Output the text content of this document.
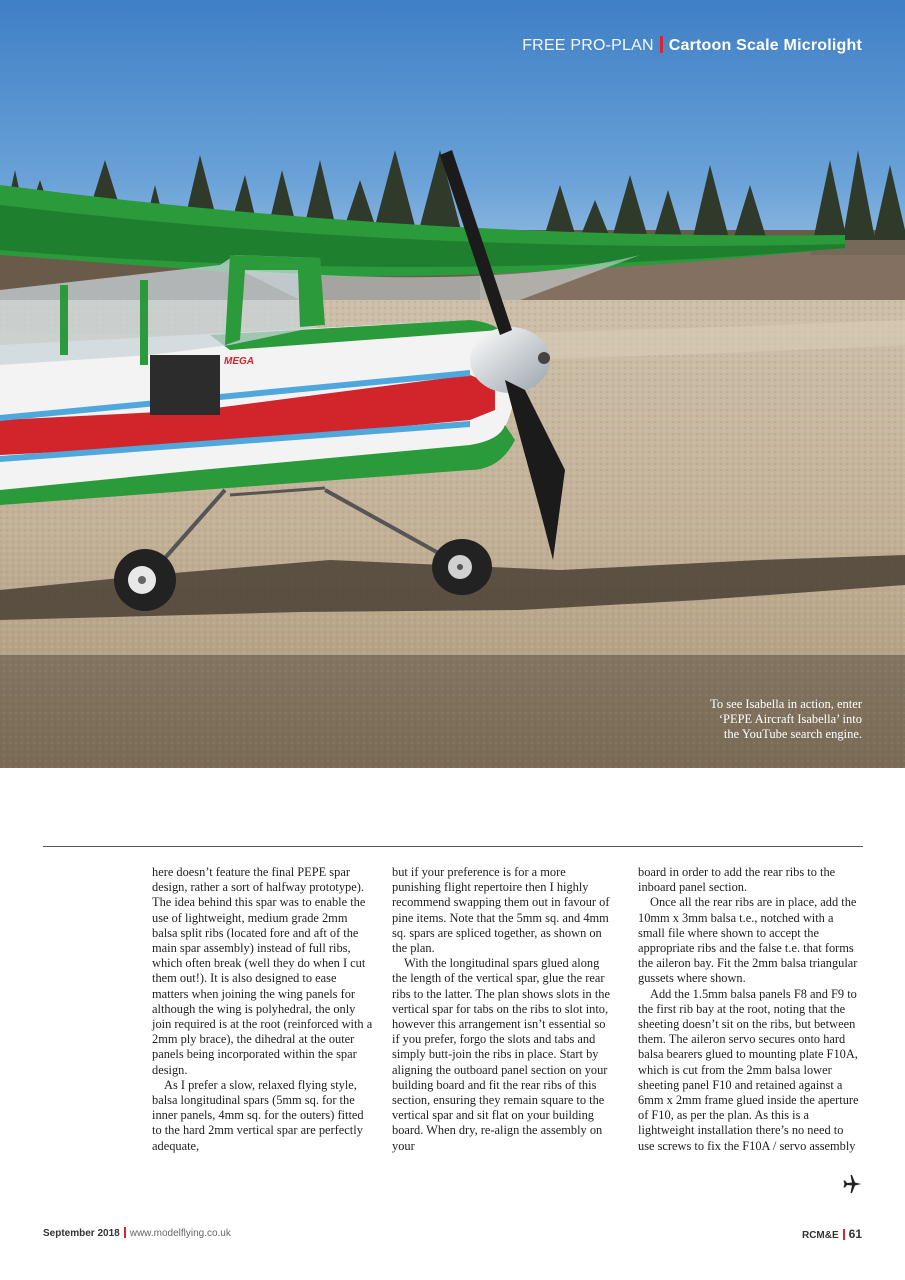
MEGA
FREE PRO-PLAN Cartoon Scale Microlight
To see Isabella in action, enter ‘PEPE Aircraft Isabella’ into the YouTube search engine.

here doesn’t feature the final PEPE spar design, rather a sort of halfway prototype). The idea behind this spar was to enable the use of lightweight, medium grade 2mm balsa split ribs (located fore and aft of the main spar assembly) instead of full ribs, which often break (well they do when I cut them out!). It is also designed to ease matters when joining the wing panels for although the wing is polyhedral, the only join required is at the root (reinforced with a 2mm ply brace), the dihedral at the outer panels being incorporated within the spar design.

As I prefer a slow, relaxed flying style, balsa longitudinal spars (5mm sq. for the inner panels, 4mm sq. for the outers) fitted to the hard 2mm vertical spar are perfectly adequate,

but if your preference is for a more punishing flight repertoire then I highly recommend swapping them out in favour of pine items. Note that the 5mm sq. and 4mm sq. spars are spliced together, as shown on the plan.

With the longitudinal spars glued along the length of the vertical spar, glue the rear ribs to the latter. The plan shows slots in the vertical spar for tabs on the ribs to slot into, however this arrangement isn’t essential so if you prefer, forgo the slots and tabs and simply butt-join the ribs in place. Start by aligning the outboard panel section on your building board and fit the rear ribs of this section, ensuring they remain square to the vertical spar and sit flat on your building board. When dry, re-align the assembly on your

board in order to add the rear ribs to the inboard panel section.

Once all the rear ribs are in place, add the 10mm x 3mm balsa t.e., notched with a small file where shown to accept the appropriate ribs and the false t.e. that forms the aileron bay. Fit the 2mm balsa triangular gussets where shown.

Add the 1.5mm balsa panels F8 and F9 to the first rib bay at the root, noting that the sheeting doesn’t sit on the ribs, but between them. The aileron servo secures onto hard balsa bearers glued to mounting plate F10A, which is cut from the 2mm balsa lower sheeting panel F10 and retained against a 6mm x 2mm frame glued inside the aperture of F10, as per the plan. As this is a lightweight installation there’s no need to use screws to fix the F10A / servo assembly

September 2018 www.modelflying.co.uk	RCM&E 61
